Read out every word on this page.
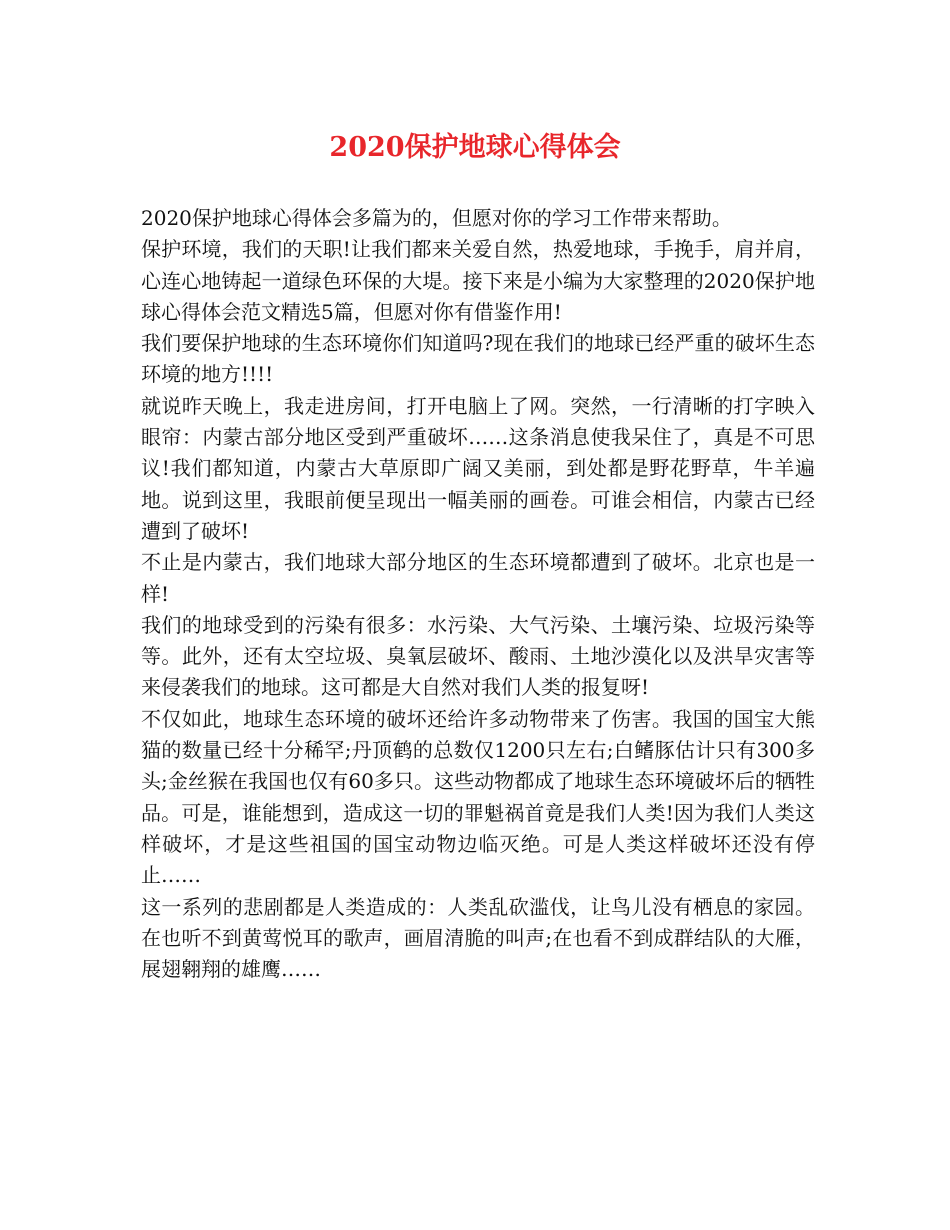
2020保护地球心得体会

2020保护地球心得体会多篇为的，但愿对你的学习工作带来帮助。

保护环境，我们的天职!让我们都来关爱自然，热爱地球，手挽手，肩并肩，心连心地铸起一道绿色环保的大堤。接下来是小编为大家整理的2020保护地球心得体会范文精选5篇，但愿对你有借鉴作用!

我们要保护地球的生态环境你们知道吗?现在我们的地球已经严重的破坏生态环境的地方!!!!

就说昨天晚上，我走进房间，打开电脑上了网。突然，一行清晰的打字映入眼帘：内蒙古部分地区受到严重破坏……这条消息使我呆住了，真是不可思议!我们都知道，内蒙古大草原即广阔又美丽，到处都是野花野草，牛羊遍地。说到这里，我眼前便呈现出一幅美丽的画卷。可谁会相信，内蒙古已经遭到了破坏!

不止是内蒙古，我们地球大部分地区的生态环境都遭到了破坏。北京也是一样!

我们的地球受到的污染有很多：水污染、大气污染、土壤污染、垃圾污染等等。此外，还有太空垃圾、臭氧层破坏、酸雨、土地沙漠化以及洪旱灾害等来侵袭我们的地球。这可都是大自然对我们人类的报复呀!

不仅如此，地球生态环境的破坏还给许多动物带来了伤害。我国的国宝大熊猫的数量已经十分稀罕;丹顶鹤的总数仅1200只左右;白鳍豚估计只有300多头;金丝猴在我国也仅有60多只。这些动物都成了地球生态环境破坏后的牺牲品。可是，谁能想到，造成这一切的罪魁祸首竟是我们人类!因为我们人类这样破坏，才是这些祖国的国宝动物边临灭绝。可是人类这样破坏还没有停止……

这一系列的悲剧都是人类造成的：人类乱砍滥伐，让鸟儿没有栖息的家园。在也听不到黄莺悦耳的歌声，画眉清脆的叫声;在也看不到成群结队的大雁，展翅翱翔的雄鹰……
